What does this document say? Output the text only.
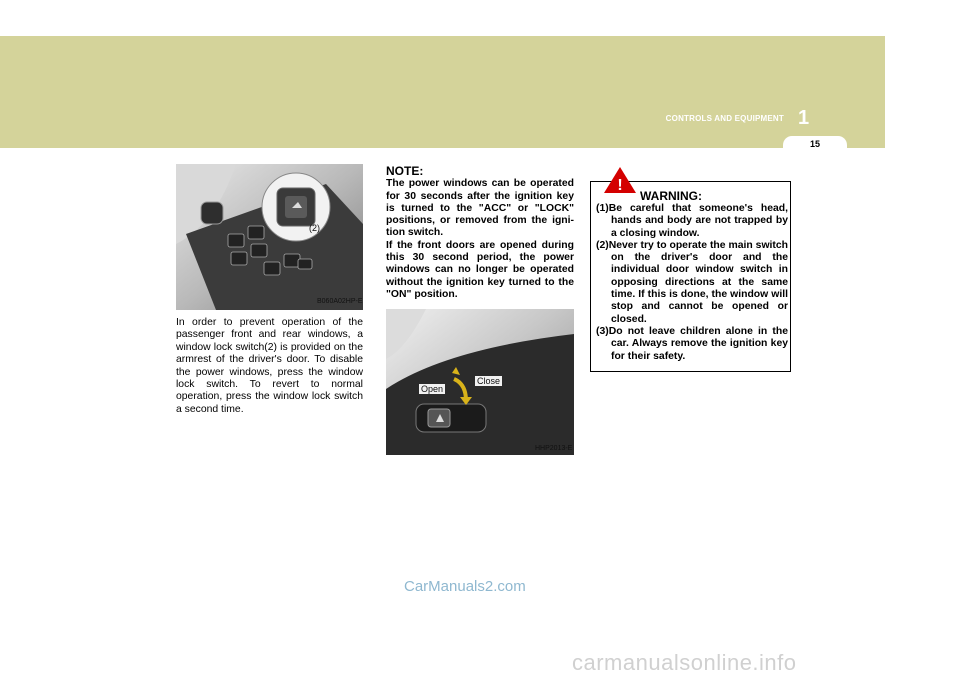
CONTROLS AND EQUIPMENT 1
15
(2)
B060A02HP-E
In order to prevent operation of the passenger front and rear windows, a window lock switch(2) is provided on the armrest of the driver's door. To disable the power windows, press the window lock switch. To revert to normal operation, press the window lock switch a second time.
NOTE:
The power windows can be operated for 30 seconds after the ignition key is turned to the "ACC" or "LOCK" positions, or removed from the igni- tion switch.
If the front doors are opened during this 30 second period, the power windows can no longer be operated without the ignition key turned to the "ON" position.
Open
Close
HHP2013-E
!
WARNING:
(1)Be careful that someone's head, hands and body are not trapped by a closing window.
(2)Never try to operate the main switch on the driver's door and the individual door window switch in opposing directions at the same time. If this is done, the window will stop and cannot be opened or closed.
(3)Do not leave children alone in the car. Always remove the ignition key for their safety.
CarManuals2.com
carmanualsonline.info
